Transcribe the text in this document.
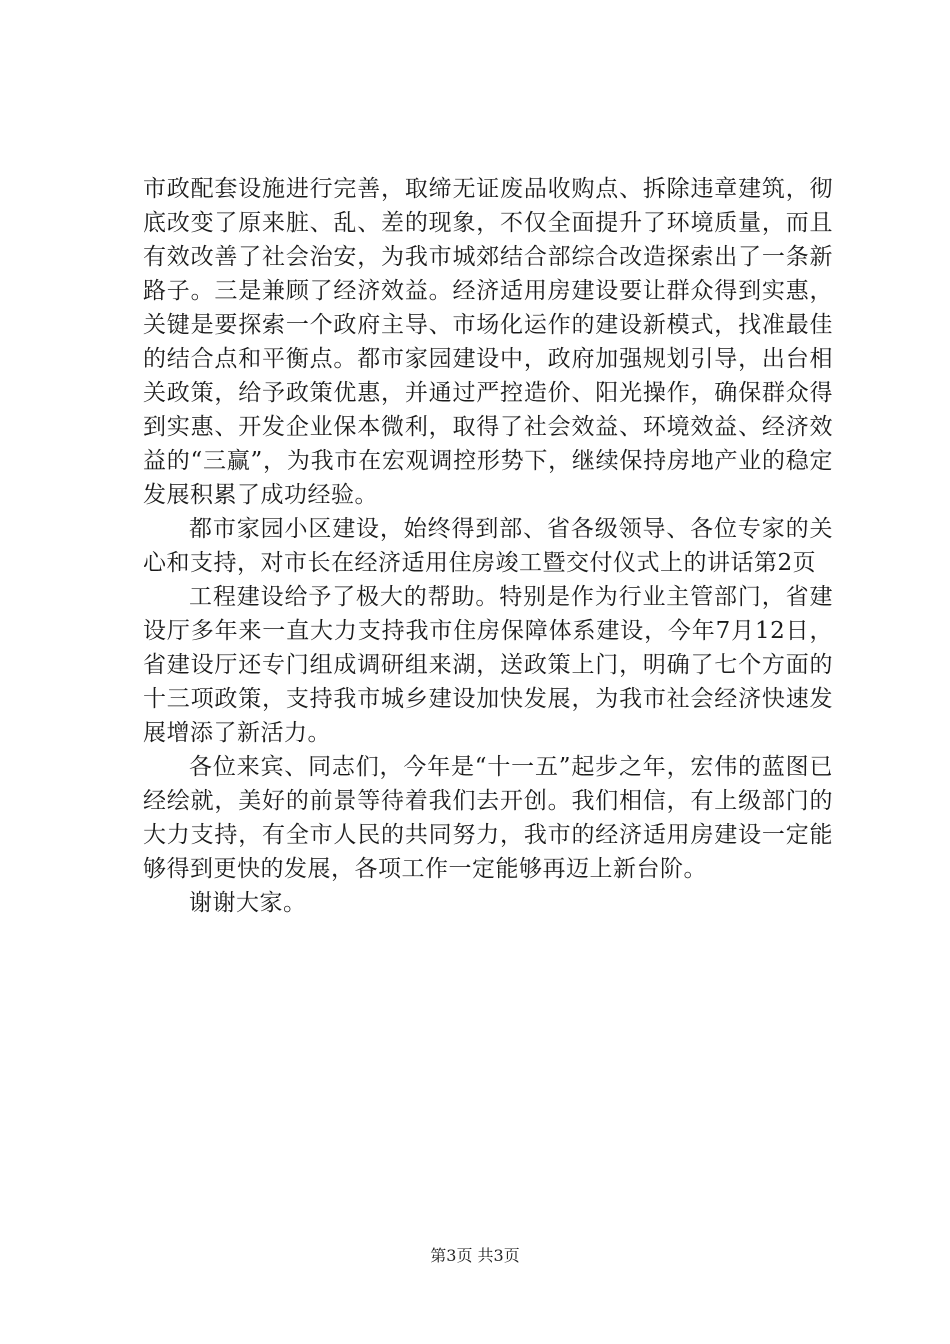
市政配套设施进行完善，取缔无证废品收购点、拆除违章建筑，彻底改变了原来脏、乱、差的现象，不仅全面提升了环境质量，而且有效改善了社会治安，为我市城郊结合部综合改造探索出了一条新路子。三是兼顾了经济效益。经济适用房建设要让群众得到实惠，关键是要探索一个政府主导、市场化运作的建设新模式，找准最佳的结合点和平衡点。都市家园建设中，政府加强规划引导，出台相关政策，给予政策优惠，并通过严控造价、阳光操作，确保群众得到实惠、开发企业保本微利，取得了社会效益、环境效益、经济效益的“三赢”，为我市在宏观调控形势下，继续保持房地产业的稳定发展积累了成功经验。

都市家园小区建设，始终得到部、省各级领导、各位专家的关心和支持，对市长在经济适用住房竣工暨交付仪式上的讲话第2页

工程建设给予了极大的帮助。特别是作为行业主管部门，省建设厅多年来一直大力支持我市住房保障体系建设，今年7月12日，省建设厅还专门组成调研组来湖，送政策上门，明确了七个方面的十三项政策，支持我市城乡建设加快发展，为我市社会经济快速发展增添了新活力。

各位来宾、同志们，今年是“十一五”起步之年，宏伟的蓝图已经绘就，美好的前景等待着我们去开创。我们相信，有上级部门的大力支持，有全市人民的共同努力，我市的经济适用房建设一定能够得到更快的发展，各项工作一定能够再迈上新台阶。

谢谢大家。

第3页 共3页
